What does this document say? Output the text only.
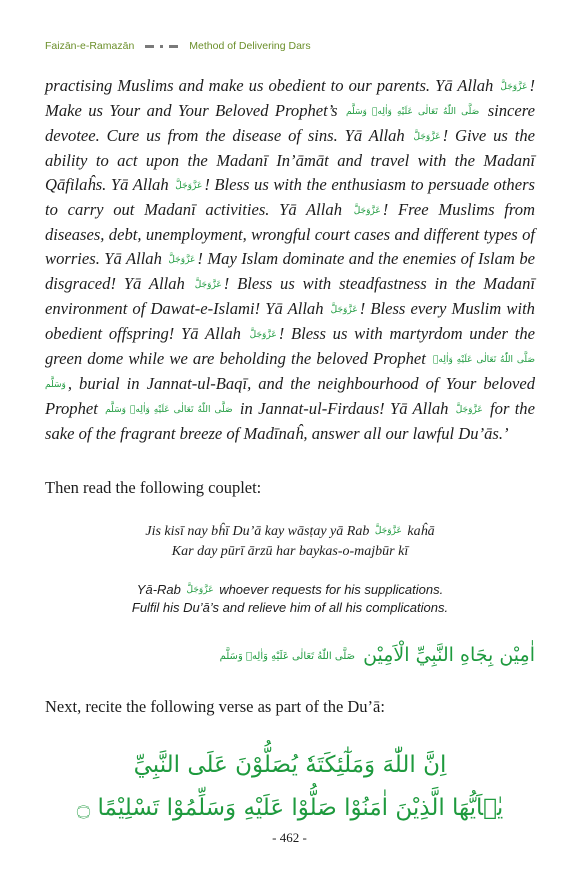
Faizān-e-Ramazān	Method of Delivering Dars
practising Muslims and make us obedient to our parents. Yā Allah عَزَّوَجَلَّ ! Make us Your and Your Beloved Prophet’s صَلَّى اللّٰهُ تَعَالٰی عَلَيْهِ وَاٰلِهٖ وَسَلَّم sincere devotee. Cure us from the disease of sins. Yā Allah عَزَّوَجَلَّ ! Give us the ability to act upon the Madanī In’āmāt and travel with the Madanī Qāfilaĥs. Yā Allah عَزَّوَجَلَّ ! Bless us with the enthusiasm to persuade others to carry out Madanī activities. Yā Allah عَزَّوَجَلَّ ! Free Muslims from diseases, debt, unemployment, wrongful court cases and different types of worries. Yā Allah عَزَّوَجَلَّ ! May Islam dominate and the enemies of Islam be disgraced! Yā Allah عَزَّوَجَلَّ ! Bless us with steadfastness in the Madanī environment of Dawat-e-Islami! Yā Allah عَزَّوَجَلَّ ! Bless every Muslim with obedient offspring! Yā Allah عَزَّوَجَلَّ ! Bless us with martyrdom under the green dome while we are beholding the beloved Prophet صَلَّى اللّٰهُ تَعَالٰی عَلَيْهِ وَاٰلِهٖ وَسَلَّم , burial in Jannat-ul-Baqī, and the neighbourhood of Your beloved Prophet صَلَّى اللّٰهُ تَعَالٰی عَلَيْهِ وَاٰلِهٖ وَسَلَّم in Jannat-ul-Firdaus! Yā Allah عَزَّوَجَلَّ for the sake of the fragrant breeze of Madīnaĥ, answer all our lawful Du’ās.’
Then read the following couplet:
Jis kisī nay bĥī Du’ā kay wāsṭay yā Rab عَزَّوَجَلَّ kaĥā
Kar day pūrī ārzū har baykas-o-majbūr kī
Yā-Rab عَزَّوَجَلَّ whoever requests for his supplications.
Fulfil his Du’ā’s and relieve him of all his complications.
اٰمِيْن بِجَاهِ النَّبِيِّ الْاَمِيْن صَلَّى اللّٰهُ تَعَالٰی عَلَيْهِ وَاٰلِهٖ وَسَلَّم
Next, recite the following verse as part of the Du’ā:
اِنَّ اللّٰهَ وَمَلٰٓئِكَتَهٗ يُصَلُّوْنَ عَلَى النَّبِيِّ
يٰۤاَيُّهَا الَّذِيْنَ اٰمَنُوْا صَلُّوْا عَلَيْهِ وَسَلِّمُوْا تَسْلِيْمًا ۝
- 462 -
